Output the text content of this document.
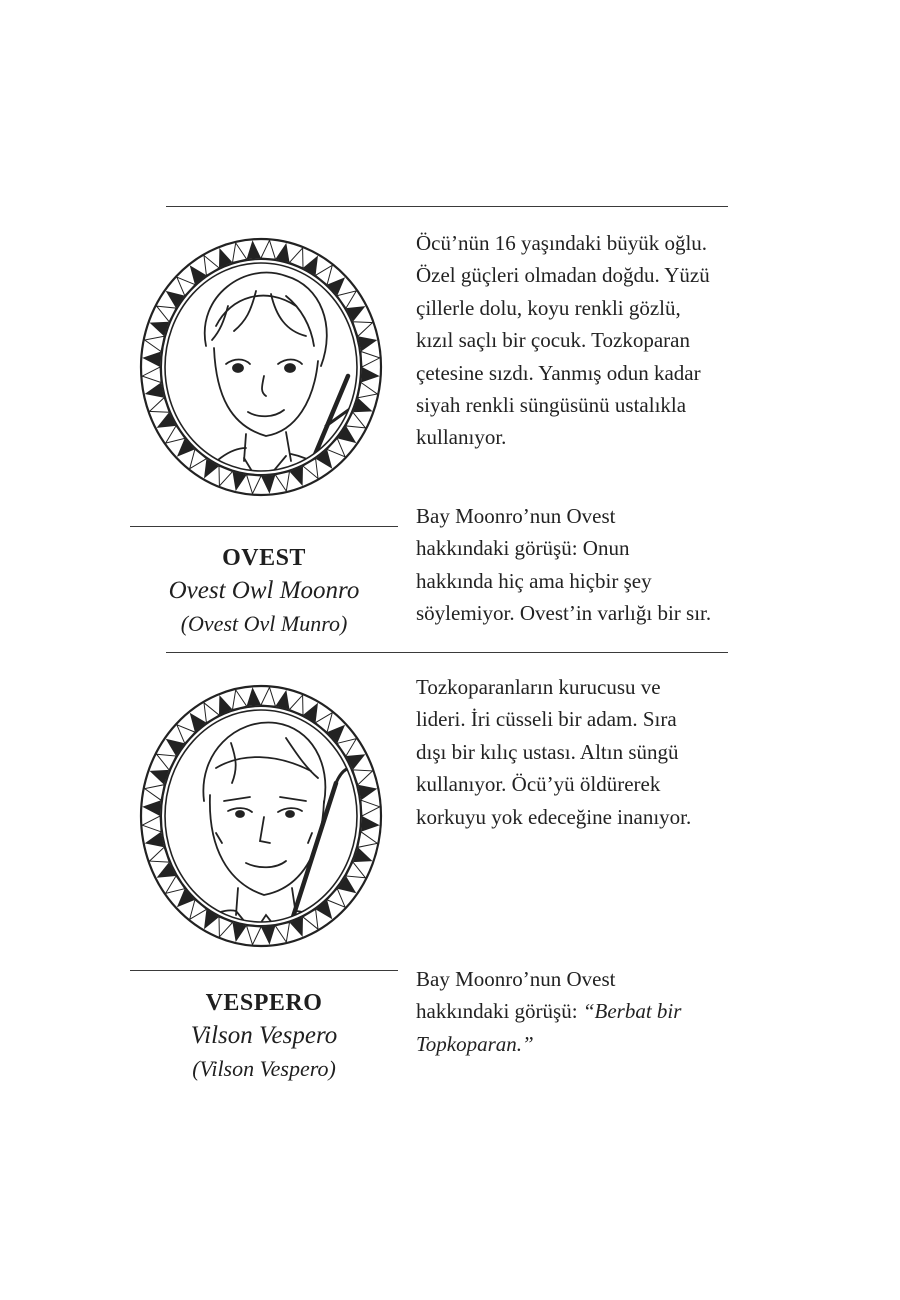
Öcü’nün 16 yaşındaki büyük oğlu.
Özel güçleri olmadan doğdu. Yüzü
çillerle dolu, koyu renkli gözlü,
kızıl saçlı bir çocuk. Tozkoparan
çetesine sızdı. Yanmış odun kadar
siyah renkli süngüsünü ustalıkla
kullanıyor.
Bay Moonro’nun Ovest
hakkındaki görüşü: Onun
hakkında hiç ama hiçbir şey
söylemiyor. Ovest’in varlığı bir sır.
OVEST
Ovest Owl Moonro
(Ovest Ovl Munro)
Tozkoparanların kurucusu ve
lideri. İri cüsseli bir adam. Sıra
dışı bir kılıç ustası. Altın süngü
kullanıyor. Öcü’yü öldürerek
korkuyu yok edeceğine inanıyor.
Bay Moonro’nun Ovest
hakkındaki görüşü: “Berbat bir
Topkoparan.”
VESPERO
Vilson Vespero
(Vilson Vespero)
